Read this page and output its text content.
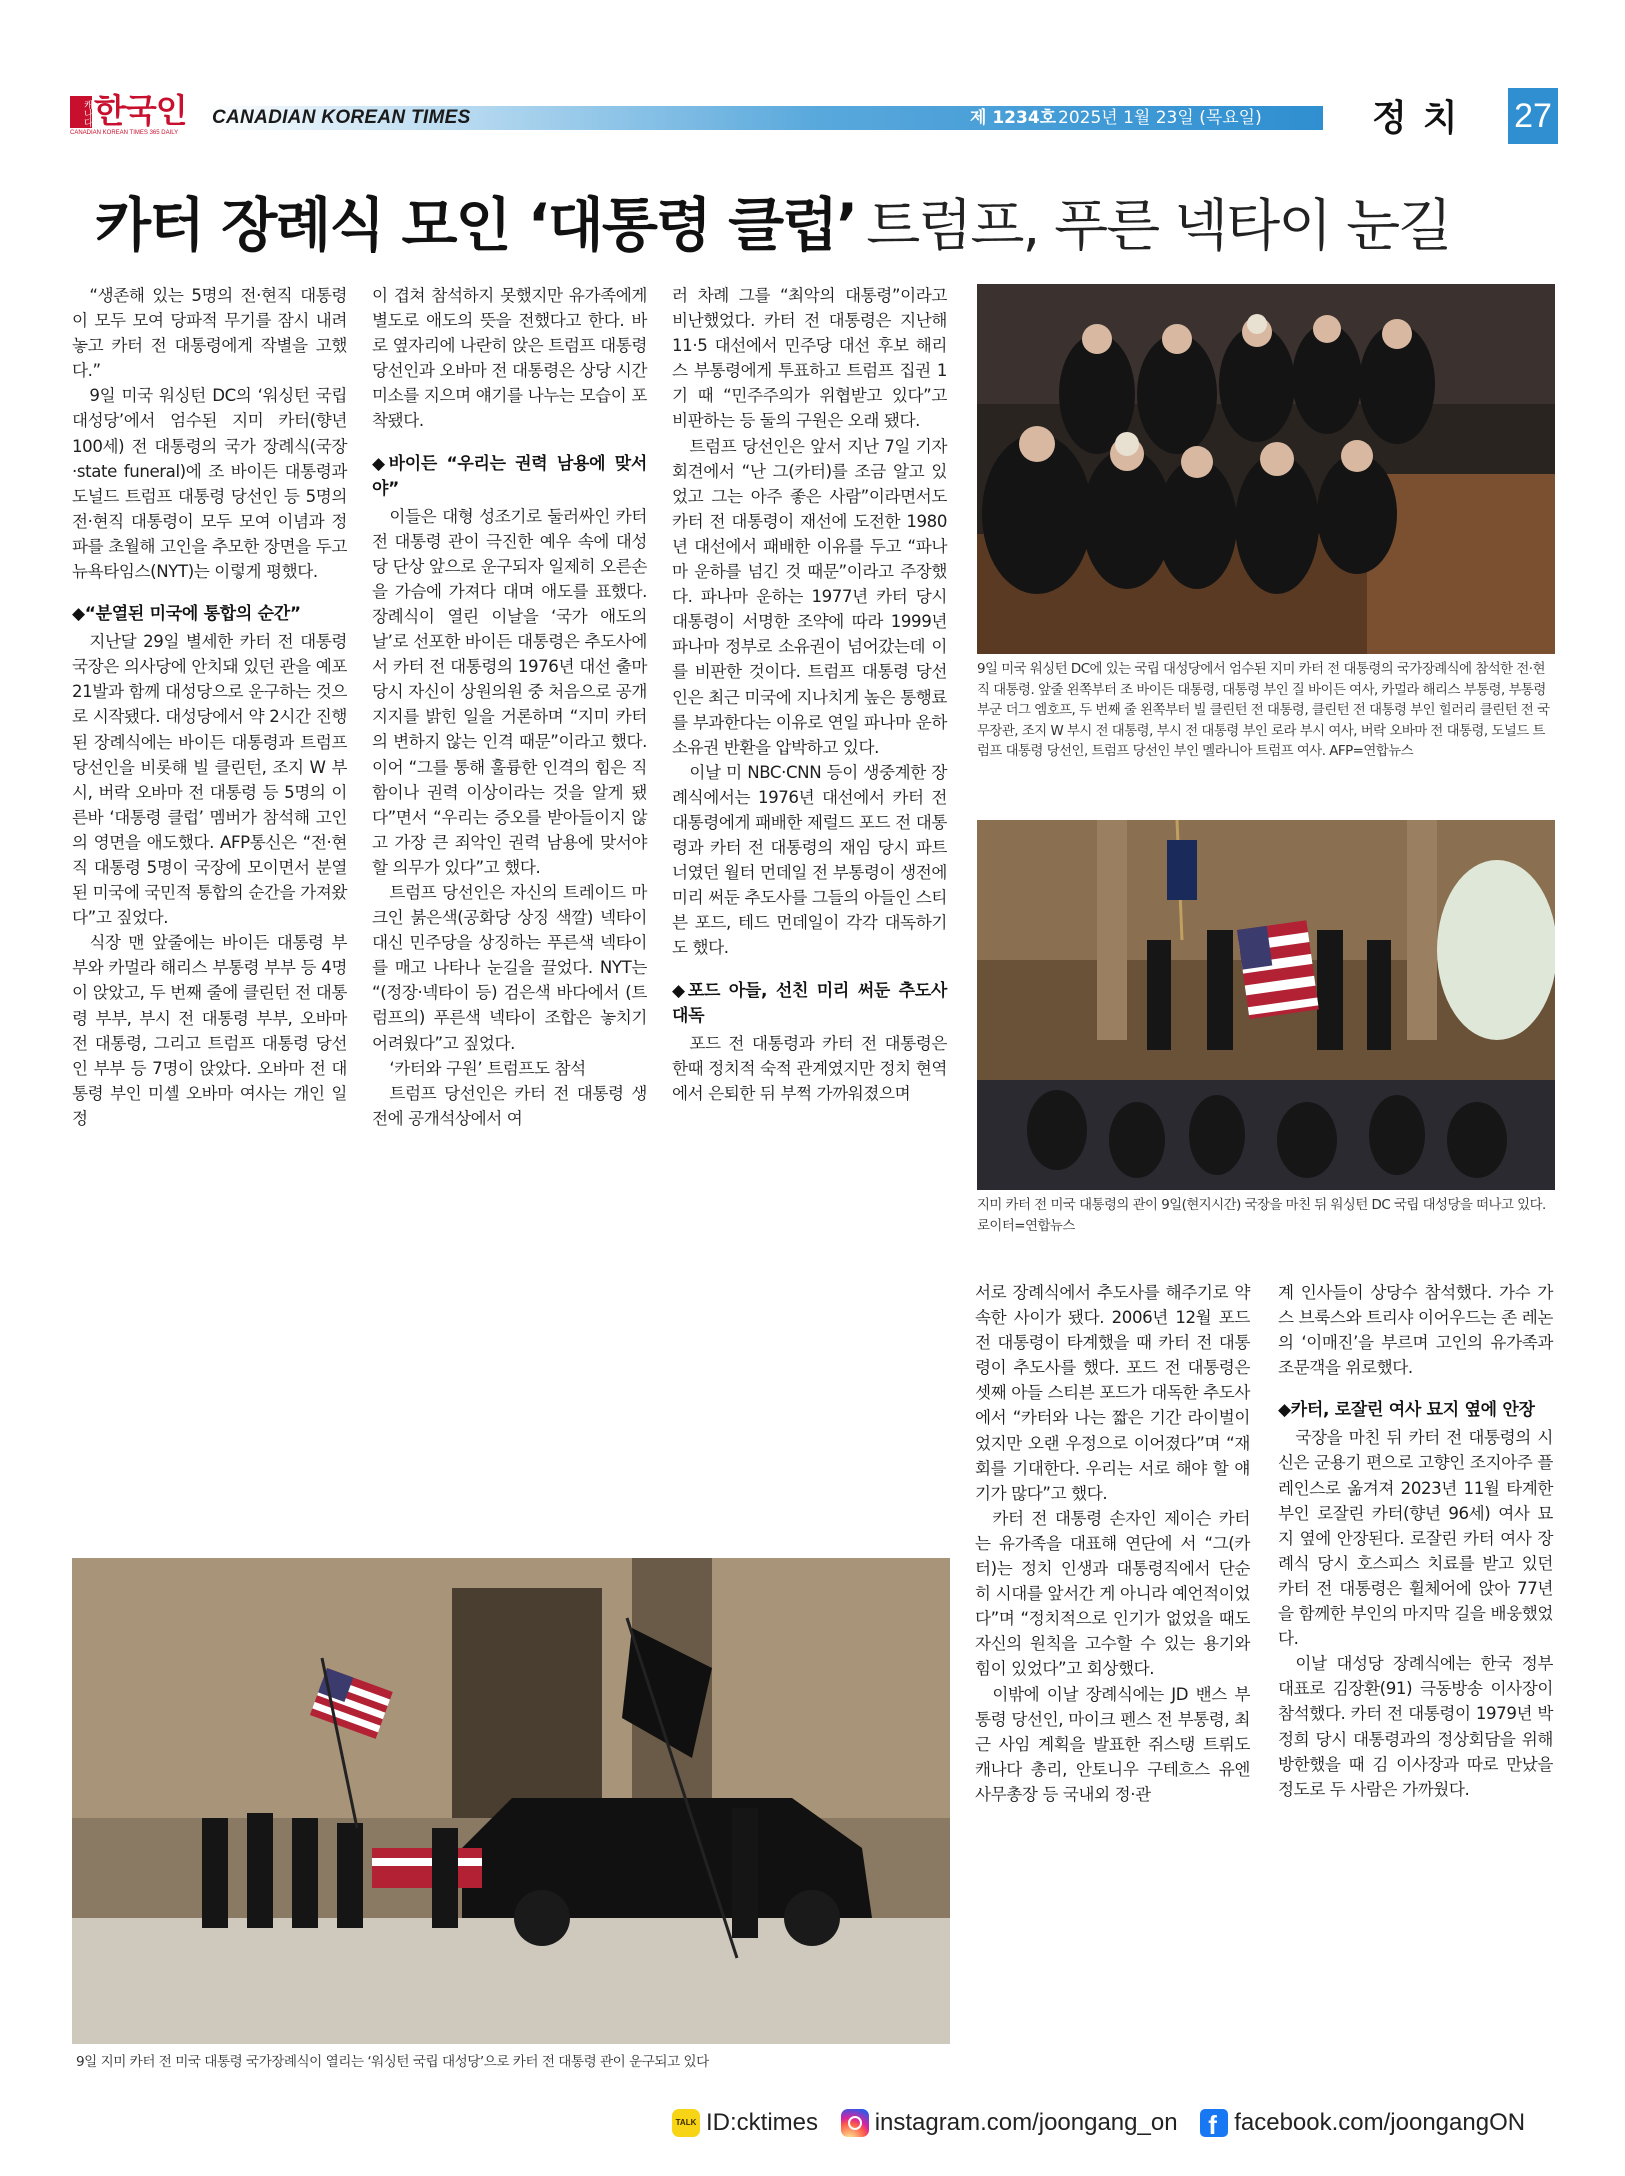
캐나다 한국인
CANADIAN KOREAN TIMES 365 DAILY
CANADIAN KOREAN TIMES	제 1234호 2025년 1월 23일 (목요일)	정치 27
카터 장례식 모인 ‘대통령 클럽’ 트럼프, 푸른 넥타이 눈길

“생존해 있는 5명의 전·현직 대통령이 모두 모여 당파적 무기를 잠시 내려놓고 카터 전 대통령에게 작별을 고했다.”

9일 미국 워싱턴 DC의 ‘워싱턴 국립 대성당’에서 엄수된 지미 카터(향년 100세) 전 대통령의 국가 장례식(국장·state funeral)에 조 바이든 대통령과 도널드 트럼프 대통령 당선인 등 5명의 전·현직 대통령이 모두 모여 이념과 정파를 초월해 고인을 추모한 장면을 두고 뉴욕타임스(NYT)는 이렇게 평했다.

◆“분열된 미국에 통합의 순간”

지난달 29일 별세한 카터 전 대통령 국장은 의사당에 안치돼 있던 관을 예포 21발과 함께 대성당으로 운구하는 것으로 시작됐다. 대성당에서 약 2시간 진행된 장례식에는 바이든 대통령과 트럼프 당선인을 비롯해 빌 클린턴, 조지 W 부시, 버락 오바마 전 대통령 등 5명의 이른바 ‘대통령 클럽’ 멤버가 참석해 고인의 영면을 애도했다. AFP통신은 “전·현직 대통령 5명이 국장에 모이면서 분열된 미국에 국민적 통합의 순간을 가져왔다”고 짚었다.

식장 맨 앞줄에는 바이든 대통령 부부와 카멀라 해리스 부통령 부부 등 4명이 앉았고, 두 번째 줄에 클린턴 전 대통령 부부, 부시 전 대통령 부부, 오바마 전 대통령, 그리고 트럼프 대통령 당선인 부부 등 7명이 앉았다. 오바마 전 대통령 부인 미셸 오바마 여사는 개인 일정

이 겹쳐 참석하지 못했지만 유가족에게 별도로 애도의 뜻을 전했다고 한다. 바로 옆자리에 나란히 앉은 트럼프 대통령 당선인과 오바마 전 대통령은 상당 시간 미소를 지으며 얘기를 나누는 모습이 포착됐다.

◆바이든 “우리는 권력 남용에 맞서야”

이들은 대형 성조기로 둘러싸인 카터 전 대통령 관이 극진한 예우 속에 대성당 단상 앞으로 운구되자 일제히 오른손을 가슴에 가져다 대며 애도를 표했다. 장례식이 열린 이날을 ‘국가 애도의 날’로 선포한 바이든 대통령은 추도사에서 카터 전 대통령의 1976년 대선 출마 당시 자신이 상원의원 중 처음으로 공개 지지를 밝힌 일을 거론하며 “지미 카터의 변하지 않는 인격 때문”이라고 했다. 이어 “그를 통해 훌륭한 인격의 힘은 직함이나 권력 이상이라는 것을 알게 됐다”면서 “우리는 증오를 받아들이지 않고 가장 큰 죄악인 권력 남용에 맞서야 할 의무가 있다”고 했다.

트럼프 당선인은 자신의 트레이드 마크인 붉은색(공화당 상징 색깔) 넥타이 대신 민주당을 상징하는 푸른색 넥타이를 매고 나타나 눈길을 끌었다. NYT는 “(정장·넥타이 등) 검은색 바다에서 (트럼프의) 푸른색 넥타이 조합은 놓치기 어려웠다”고 짚었다.

‘카터와 구원’ 트럼프도 참석

트럼프 당선인은 카터 전 대통령 생전에 공개석상에서 여

러 차례 그를 “최악의 대통령”이라고 비난했었다. 카터 전 대통령은 지난해 11·5 대선에서 민주당 대선 후보 해리스 부통령에게 투표하고 트럼프 집권 1기 때 “민주주의가 위협받고 있다”고 비판하는 등 둘의 구원은 오래 됐다.

트럼프 당선인은 앞서 지난 7일 기자회견에서 “난 그(카터)를 조금 알고 있었고 그는 아주 좋은 사람”이라면서도 카터 전 대통령이 재선에 도전한 1980년 대선에서 패배한 이유를 두고 “파나마 운하를 넘긴 것 때문”이라고 주장했다. 파나마 운하는 1977년 카터 당시 대통령이 서명한 조약에 따라 1999년 파나마 정부로 소유권이 넘어갔는데 이를 비판한 것이다. 트럼프 대통령 당선인은 최근 미국에 지나치게 높은 통행료를 부과한다는 이유로 연일 파나마 운하 소유권 반환을 압박하고 있다.

이날 미 NBC·CNN 등이 생중계한 장례식에서는 1976년 대선에서 카터 전 대통령에게 패배한 제럴드 포드 전 대통령과 카터 전 대통령의 재임 당시 파트너였던 월터 먼데일 전 부통령이 생전에 미리 써둔 추도사를 그들의 아들인 스티븐 포드, 테드 먼데일이 각각 대독하기도 했다.

◆포드 아들, 선친 미리 써둔 추도사 대독

포드 전 대통령과 카터 전 대통령은 한때 정치적 숙적 관계였지만 정치 현역에서 은퇴한 뒤 부쩍 가까워졌으며

서로 장례식에서 추도사를 해주기로 약속한 사이가 됐다. 2006년 12월 포드 전 대통령이 타계했을 때 카터 전 대통령이 추도사를 했다. 포드 전 대통령은 셋째 아들 스티븐 포드가 대독한 추도사에서 “카터와 나는 짧은 기간 라이벌이었지만 오랜 우정으로 이어졌다”며 “재회를 기대한다. 우리는 서로 해야 할 얘기가 많다”고 했다.

카터 전 대통령 손자인 제이슨 카터는 유가족을 대표해 연단에 서 “그(카터)는 정치 인생과 대통령직에서 단순히 시대를 앞서간 게 아니라 예언적이었다”며 “정치적으로 인기가 없었을 때도 자신의 원칙을 고수할 수 있는 용기와 힘이 있었다”고 회상했다.

이밖에 이날 장례식에는 JD 밴스 부통령 당선인, 마이크 펜스 전 부통령, 최근 사임 계획을 발표한 쥐스탱 트뤼도 캐나다 총리, 안토니우 구테흐스 유엔 사무총장 등 국내외 정·관

계 인사들이 상당수 참석했다. 가수 가스 브룩스와 트리샤 이어우드는 존 레논의 ‘이매진’을 부르며 고인의 유가족과 조문객을 위로했다.

◆카터, 로잘린 여사 묘지 옆에 안장

국장을 마친 뒤 카터 전 대통령의 시신은 군용기 편으로 고향인 조지아주 플레인스로 옮겨져 2023년 11월 타계한 부인 로잘린 카터(향년 96세) 여사 묘지 옆에 안장된다. 로잘린 카터 여사 장례식 당시 호스피스 치료를 받고 있던 카터 전 대통령은 휠체어에 앉아 77년을 함께한 부인의 마지막 길을 배웅했었다.

이날 대성당 장례식에는 한국 정부 대표로 김장환(91) 극동방송 이사장이 참석했다. 카터 전 대통령이 1979년 박정희 당시 대통령과의 정상회담을 위해 방한했을 때 김 이사장과 따로 만났을 정도로 두 사람은 가까웠다.

9일 미국 워싱턴 DC에 있는 국립 대성당에서 엄수된 지미 카터 전 대통령의 국가장례식에 참석한 전·현직 대통령. 앞줄 왼쪽부터 조 바이든 대통령, 대통령 부인 질 바이든 여사, 카멀라 해리스 부통령, 부통령 부군 더그 엠호프, 두 번째 줄 왼쪽부터 빌 클린턴 전 대통령, 클린턴 전 대통령 부인 힐러리 클린턴 전 국무장관, 조지 W 부시 전 대통령, 부시 전 대통령 부인 로라 부시 여사, 버락 오바마 전 대통령, 도널드 트럼프 대통령 당선인, 트럼프 당선인 부인 멜라니아 트럼프 여사. AFP=연합뉴스
지미 카터 전 미국 대통령의 관이 9일(현지시간) 국장을 마친 뒤 워싱턴 DC 국립 대성당을 떠나고 있다. 로이터=연합뉴스
9일 지미 카터 전 미국 대통령 국가장례식이 열리는 ‘워싱턴 국립 대성당’으로 카터 전 대통령 관이 운구되고 있다
TALK
ID:cktimes
instagram.com/joongang_on

f facebook.com/joongangON
